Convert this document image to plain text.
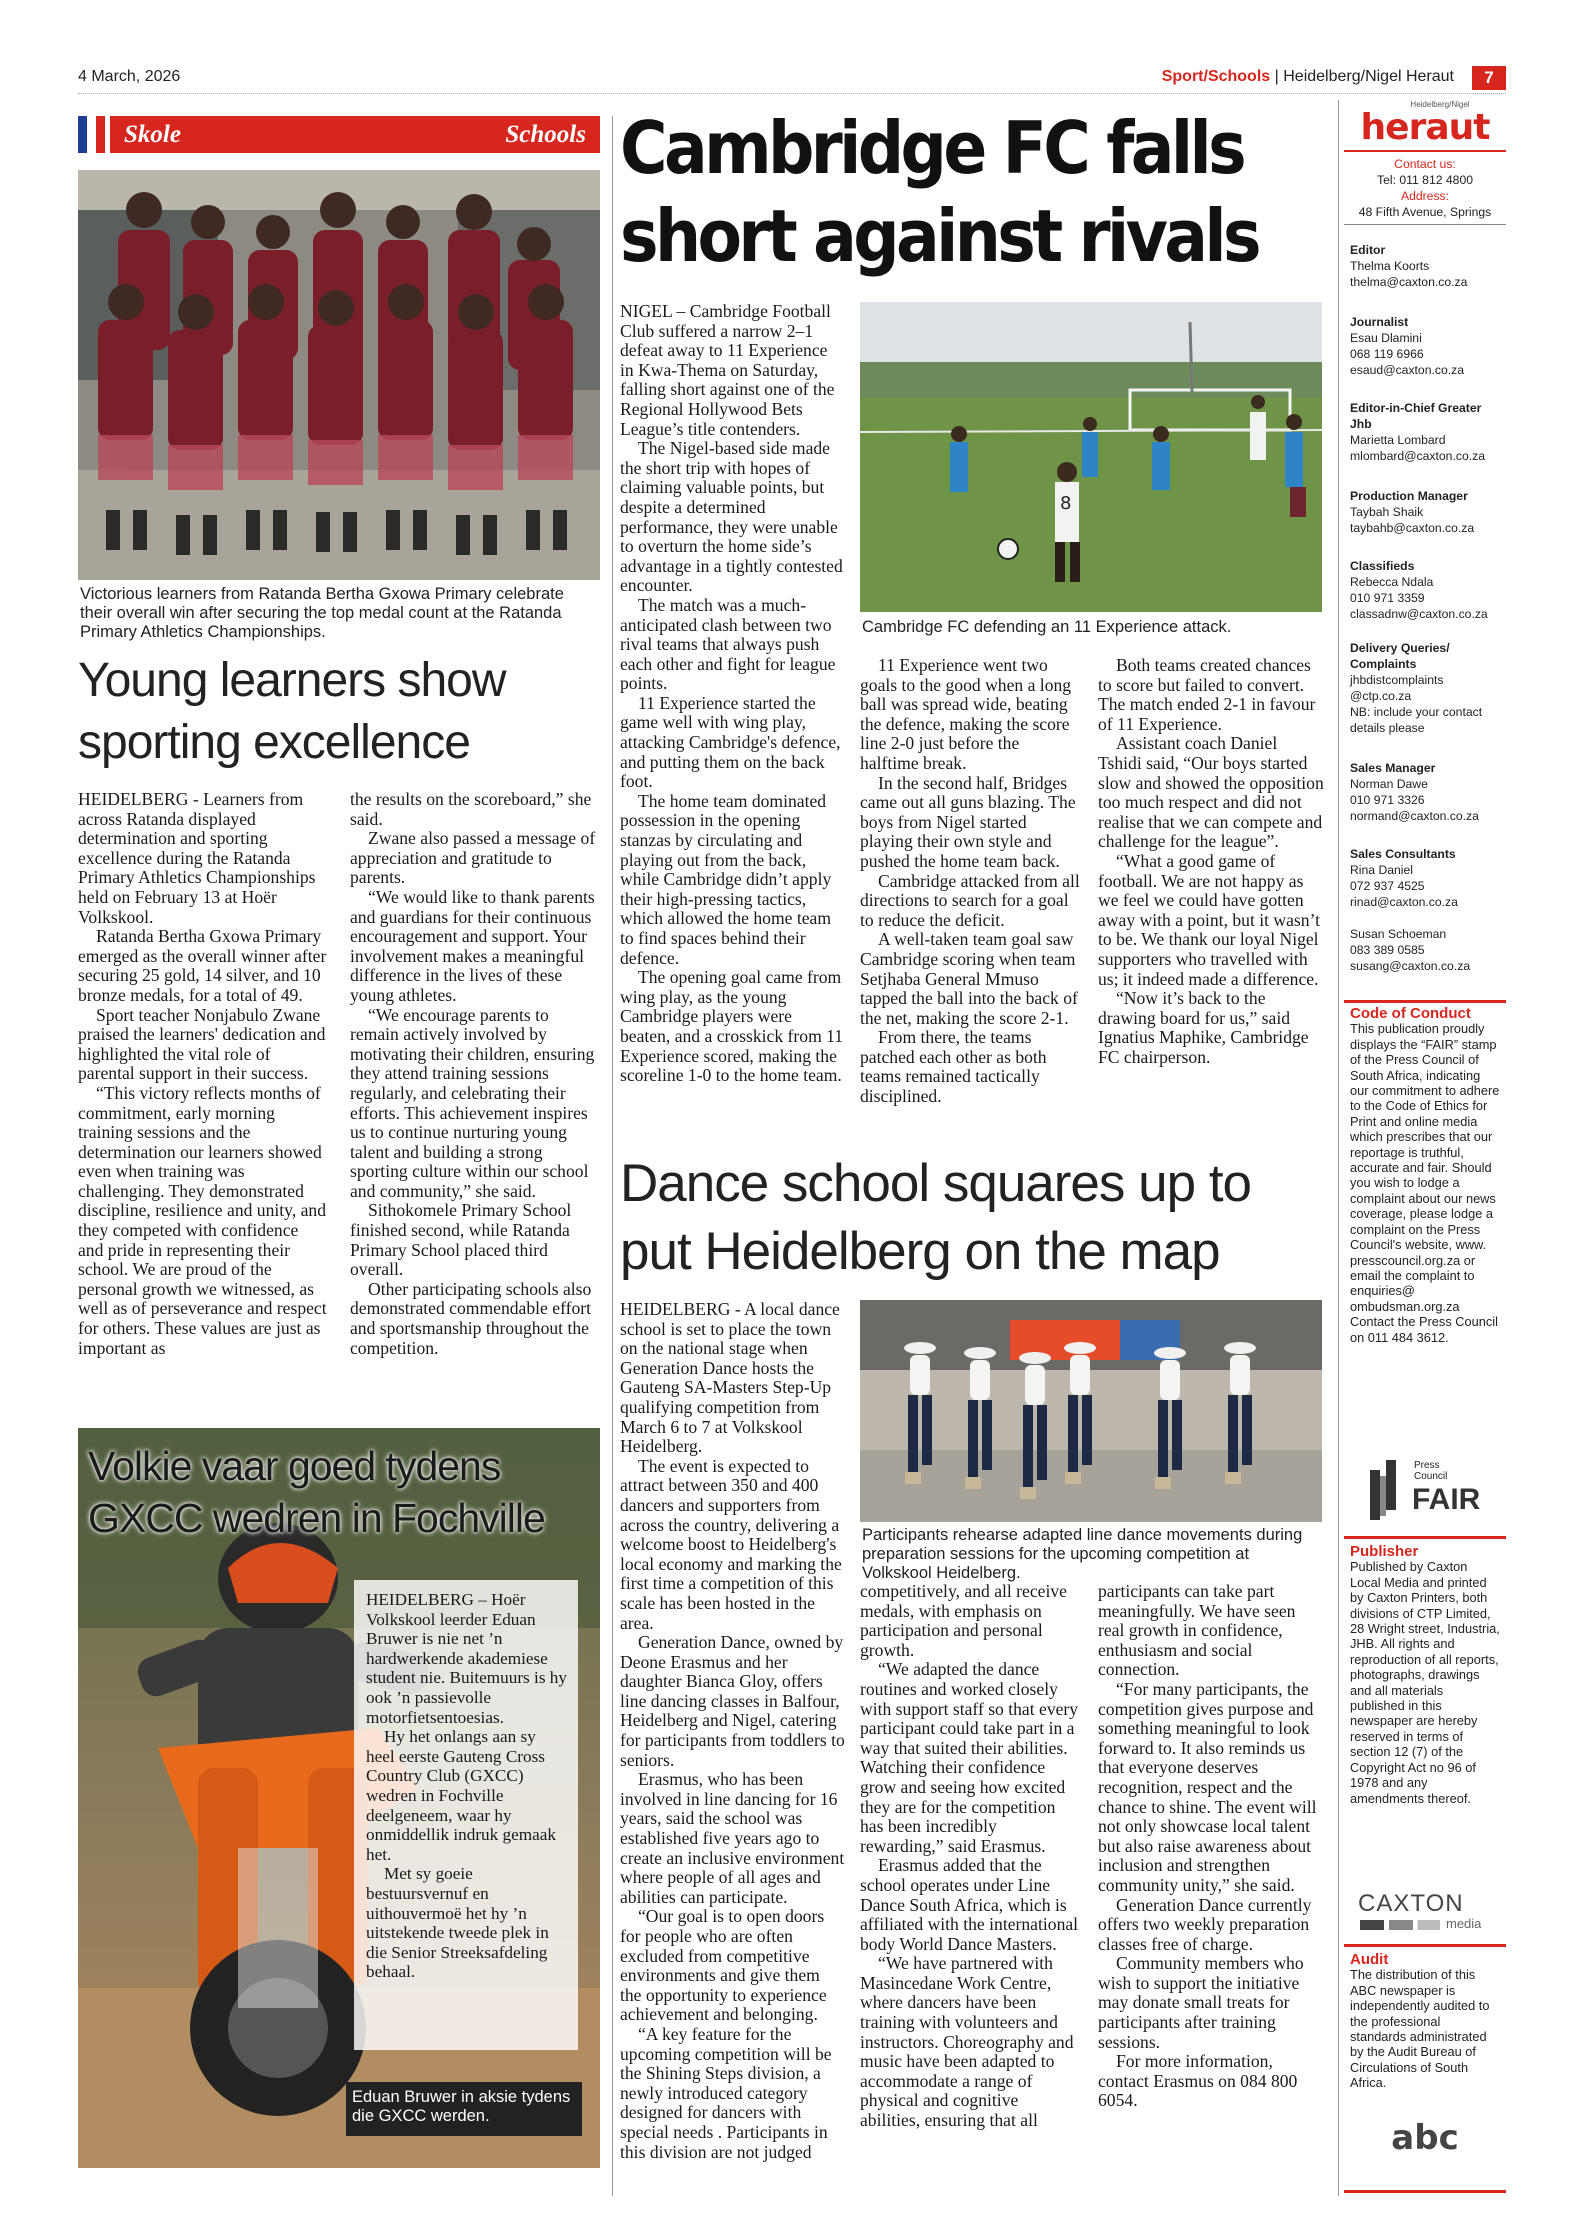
4 March, 2026	Sport/Schools | Heidelberg/Nigel Heraut	7
Skole	Schools
Victorious learners from Ratanda Bertha Gxowa Primary celebrate their overall win after securing the top medal count at the Ratanda Primary Athletics Championships.
Young learners show
sporting excellence

HEIDELBERG - Learners from across Ratanda displayed determination and sporting excellence during the Ratanda Primary Athletics Championships held on February 13 at Hoër Volkskool.

Ratanda Bertha Gxowa Primary emerged as the overall winner after securing 25 gold, 14 silver, and 10 bronze medals, for a total of 49.

Sport teacher Nonjabulo Zwane praised the learners' dedication and highlighted the vital role of parental support in their success.

“This victory reflects months of commitment, early morning training sessions and the determination our learners showed even when training was challenging. They demonstrated discipline, resilience and unity, and they competed with confidence and pride in representing their school. We are proud of the personal growth we witnessed, as well as of perseverance and respect for others. These values are just as important as

the results on the scoreboard,” she said.

Zwane also passed a message of appreciation and gratitude to parents.

“We would like to thank parents and guardians for their continuous encouragement and support. Your involvement makes a meaningful difference in the lives of these young athletes.

“We encourage parents to remain actively involved by motivating their children, ensuring they attend training sessions regularly, and celebrating their efforts. This achievement inspires us to continue nurturing young talent and building a strong sporting culture within our school and community,” she said.

Sithokomele Primary School finished second, while Ratanda Primary School placed third overall.

Other participating schools also demonstrated commendable effort and sportsmanship throughout the competition.

Volkie vaar goed tydens
GXCC wedren in Fochville

HEIDELBERG – Hoër Volkskool leerder Eduan Bruwer is nie net ’n hardwerkende akademiese student nie. Buitemuurs is hy ook ’n passievolle motorfietsentoesias.

Hy het onlangs aan sy heel eerste Gauteng Cross Country Club (GXCC) wedren in Fochville deelgeneem, waar hy onmiddellik indruk gemaak het.

Met sy goeie bestuursvernuf en uithouvermoë het hy ’n uitstekende tweede plek in die Senior Streeksafdeling behaal.

Eduan Bruwer in aksie tydens die GXCC werden.
Cambridge FC falls
short against rivals
8
Cambridge FC defending an 11 Experience attack.

NIGEL – Cambridge Football Club suffered a narrow 2–1 defeat away to 11 Experience in Kwa-Thema on Saturday, falling short against one of the Regional Hollywood Bets League’s title contenders.

The Nigel-based side made the short trip with hopes of claiming valuable points, but despite a determined performance, they were unable to overturn the home side’s advantage in a tightly contested encounter.

The match was a much-anticipated clash between two rival teams that always push each other and fight for league points.

11 Experience started the game well with wing play, attacking Cambridge's defence, and putting them on the back foot.

The home team dominated possession in the opening stanzas by circulating and playing out from the back, while Cambridge didn’t apply their high-pressing tactics, which allowed the home team to find spaces behind their defence.

The opening goal came from wing play, as the young Cambridge players were beaten, and a crosskick from 11 Experience scored, making the scoreline 1-0 to the home team.

11 Experience went two goals to the good when a long ball was spread wide, beating the defence, making the score line 2-0 just before the halftime break.

In the second half, Bridges came out all guns blazing. The boys from Nigel started playing their own style and pushed the home team back.

Cambridge attacked from all directions to search for a goal to reduce the deficit.

A well-taken team goal saw Cambridge scoring when team Setjhaba General Mmuso tapped the ball into the back of the net, making the score 2-1.

From there, the teams patched each other as both teams remained tactically disciplined.

Both teams created chances to score but failed to convert. The match ended 2-1 in favour of 11 Experience.

Assistant coach Daniel Tshidi said, “Our boys started slow and showed the opposition too much respect and did not realise that we can compete and challenge for the league”.

“What a good game of football. We are not happy as we feel we could have gotten away with a point, but it wasn’t to be. We thank our loyal Nigel supporters who travelled with us; it indeed made a difference.

“Now it’s back to the drawing board for us,” said Ignatius Maphike, Cambridge FC chairperson.

Dance school squares up to
put Heidelberg on the map
Participants rehearse adapted line dance movements during preparation sessions for the upcoming competition at Volkskool Heidelberg.

HEIDELBERG - A local dance school is set to place the town on the national stage when Generation Dance hosts the Gauteng SA-Masters Step-Up qualifying competition from March 6 to 7 at Volkskool Heidelberg.

The event is expected to attract between 350 and 400 dancers and supporters from across the country, delivering a welcome boost to Heidelberg's local economy and marking the first time a competition of this scale has been hosted in the area.

Generation Dance, owned by Deone Erasmus and her daughter Bianca Gloy, offers line dancing classes in Balfour, Heidelberg and Nigel, catering for participants from toddlers to seniors.

Erasmus, who has been involved in line dancing for 16 years, said the school was established five years ago to create an inclusive environment where people of all ages and abilities can participate.

“Our goal is to open doors for people who are often excluded from competitive environments and give them the opportunity to experience achievement and belonging.

“A key feature for the upcoming competition will be the Shining Steps division, a newly introduced category designed for dancers with special needs . Participants in this division are not judged

competitively, and all receive medals, with emphasis on participation and personal growth.

“We adapted the dance routines and worked closely with support staff so that every participant could take part in a way that suited their abilities. Watching their confidence grow and seeing how excited they are for the competition has been incredibly rewarding,” said Erasmus.

Erasmus added that the school operates under Line Dance South Africa, which is affiliated with the international body World Dance Masters.

“We have partnered with Masincedane Work Centre, where dancers have been training with volunteers and instructors. Choreography and music have been adapted to accommodate a range of physical and cognitive abilities, ensuring that all

participants can take part meaningfully. We have seen real growth in confidence, enthusiasm and social connection.

“For many participants, the competition gives purpose and something meaningful to look forward to. It also reminds us that everyone deserves recognition, respect and the chance to shine. The event will not only showcase local talent but also raise awareness about inclusion and strengthen community unity,” she said.

Generation Dance currently offers two weekly preparation classes free of charge.

Community members who wish to support the initiative may donate small treats for participants after training sessions.

For more information, contact Erasmus on 084 800 6054.

Heidelberg/Nigel
heraut
Contact us:
Tel: 011 812 4800
Address:
48 Fifth Avenue, Springs
Editor
Thelma Koorts
thelma@caxton.co.za
Journalist
Esau Dlamini
068 119 6966
esaud@caxton.co.za
Editor-in-Chief Greater Jhb
Marietta Lombard
mlombard@caxton.co.za
Production Manager
Taybah Shaik
taybahb@caxton.co.za
Classifieds
Rebecca Ndala
010 971 3359
classadnw@caxton.co.za
Delivery Queries/ Complaints
jhbdistcomplaints
@ctp.co.za
NB: include your contact details please
Sales Manager
Norman Dawe
010 971 3326
normand@caxton.co.za
Sales Consultants
Rina Daniel
072 937 4525
rinad@caxton.co.za
Susan Schoeman
083 389 0585
susang@caxton.co.za
Code of Conduct
This publication proudly displays the “FAIR” stamp of the Press Council of South Africa, indicating our commitment to adhere to the Code of Ethics for Print and online media which prescribes that our reportage is truthful, accurate and fair. Should you wish to lodge a complaint about our news coverage, please lodge a complaint on the Press Council's website, www. presscouncil.org.za or email the complaint to enquiries@ ombudsman.org.za Contact the Press Council on 011 484 3612.
Press
Council
FAIR
Publisher
Published by Caxton Local Media and printed by Caxton Printers, both divisions of CTP Limited, 28 Wright street, Industria, JHB. All rights and reproduction of all reports, photographs, drawings and all materials published in this newspaper are hereby reserved in terms of section 12 (7) of the Copyright Act no 96 of 1978 and any amendments thereof.
CAXTON
media
Audit
The distribution of this ABC newspaper is independently audited to the professional standards administrated by the Audit Bureau of Circulations of South Africa.
abc
